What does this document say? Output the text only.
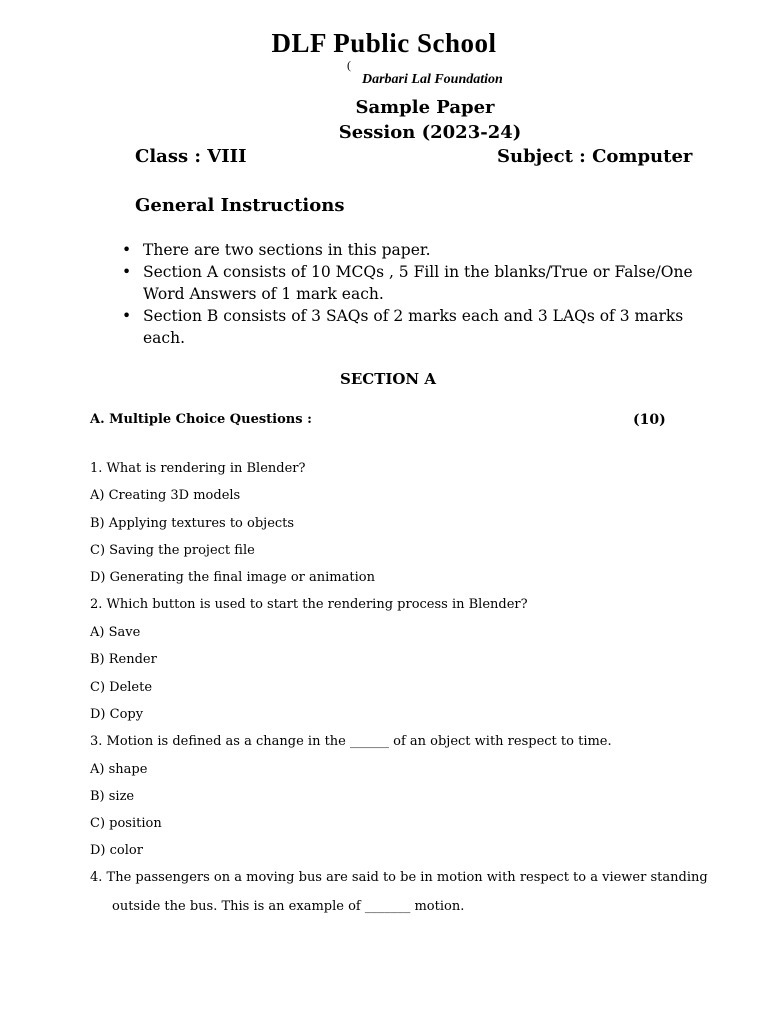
DLF Public School
(
Darbari Lal Foundation
Sample Paper
Session (2023-24)
Class : VIII	Subject : Computer
General Instructions
• There are two sections in this paper.
• Section A consists of 10 MCQs , 5 Fill in the blanks/True or False/One Word Answers of 1 mark each.
• Section B consists of 3 SAQs of 2 marks each and 3 LAQs of 3 marks each.
SECTION A
A. Multiple Choice Questions :	(10)
1. What is rendering in Blender?
A) Creating 3D models
B) Applying textures to objects
C) Saving the project file
D) Generating the final image or animation
2. Which button is used to start the rendering process in Blender?
A) Save
B) Render
C) Delete
D) Copy
3. Motion is defined as a change in the ______ of an object with respect to time.
A) shape
B) size
C) position
D) color
4. The passengers on a moving bus are said to be in motion with respect to a viewer standing
outside the bus. This is an example of _______ motion.
